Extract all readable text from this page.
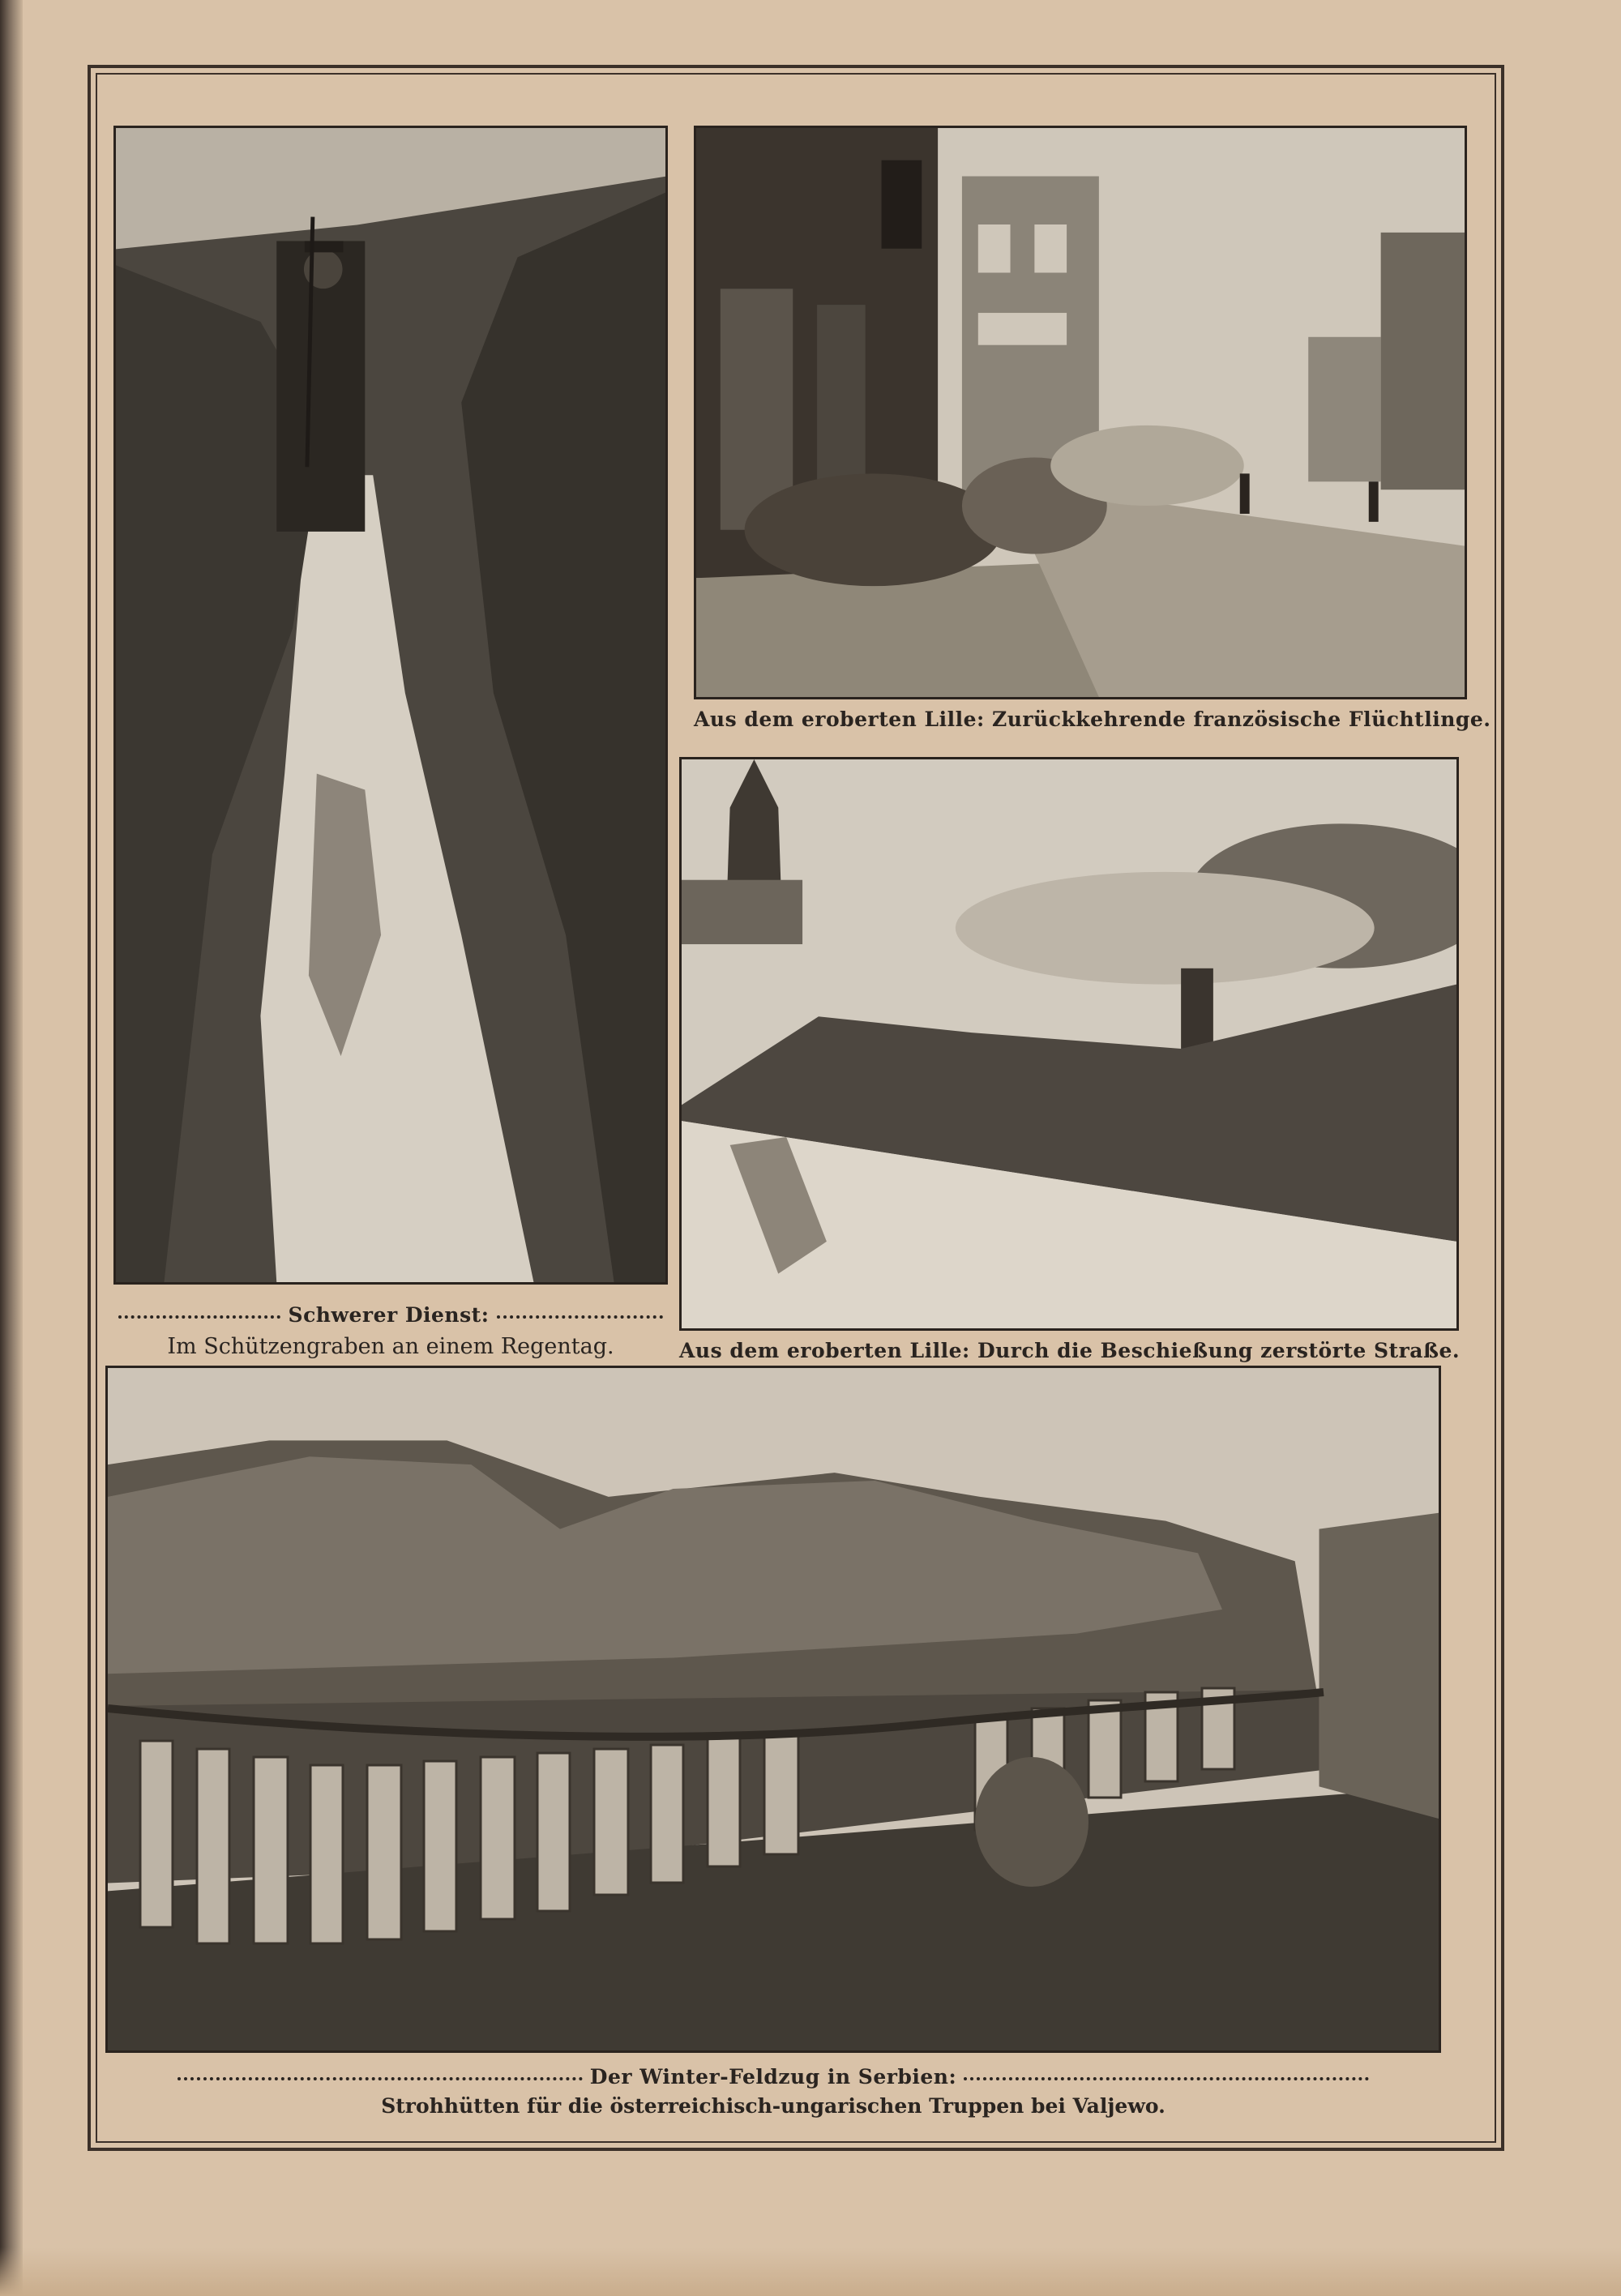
Aus dem eroberten Lille: Zurückkehrende französische Flüchtlinge.
Schwerer Dienst:
Im Schützengraben an einem Regentag.	Aus dem eroberten Lille: Durch die Beschießung zerstörte Straße.
Der Winter-Feldzug in Serbien:
Strohhütten für die österreichisch-ungarischen Truppen bei Valjewo.
